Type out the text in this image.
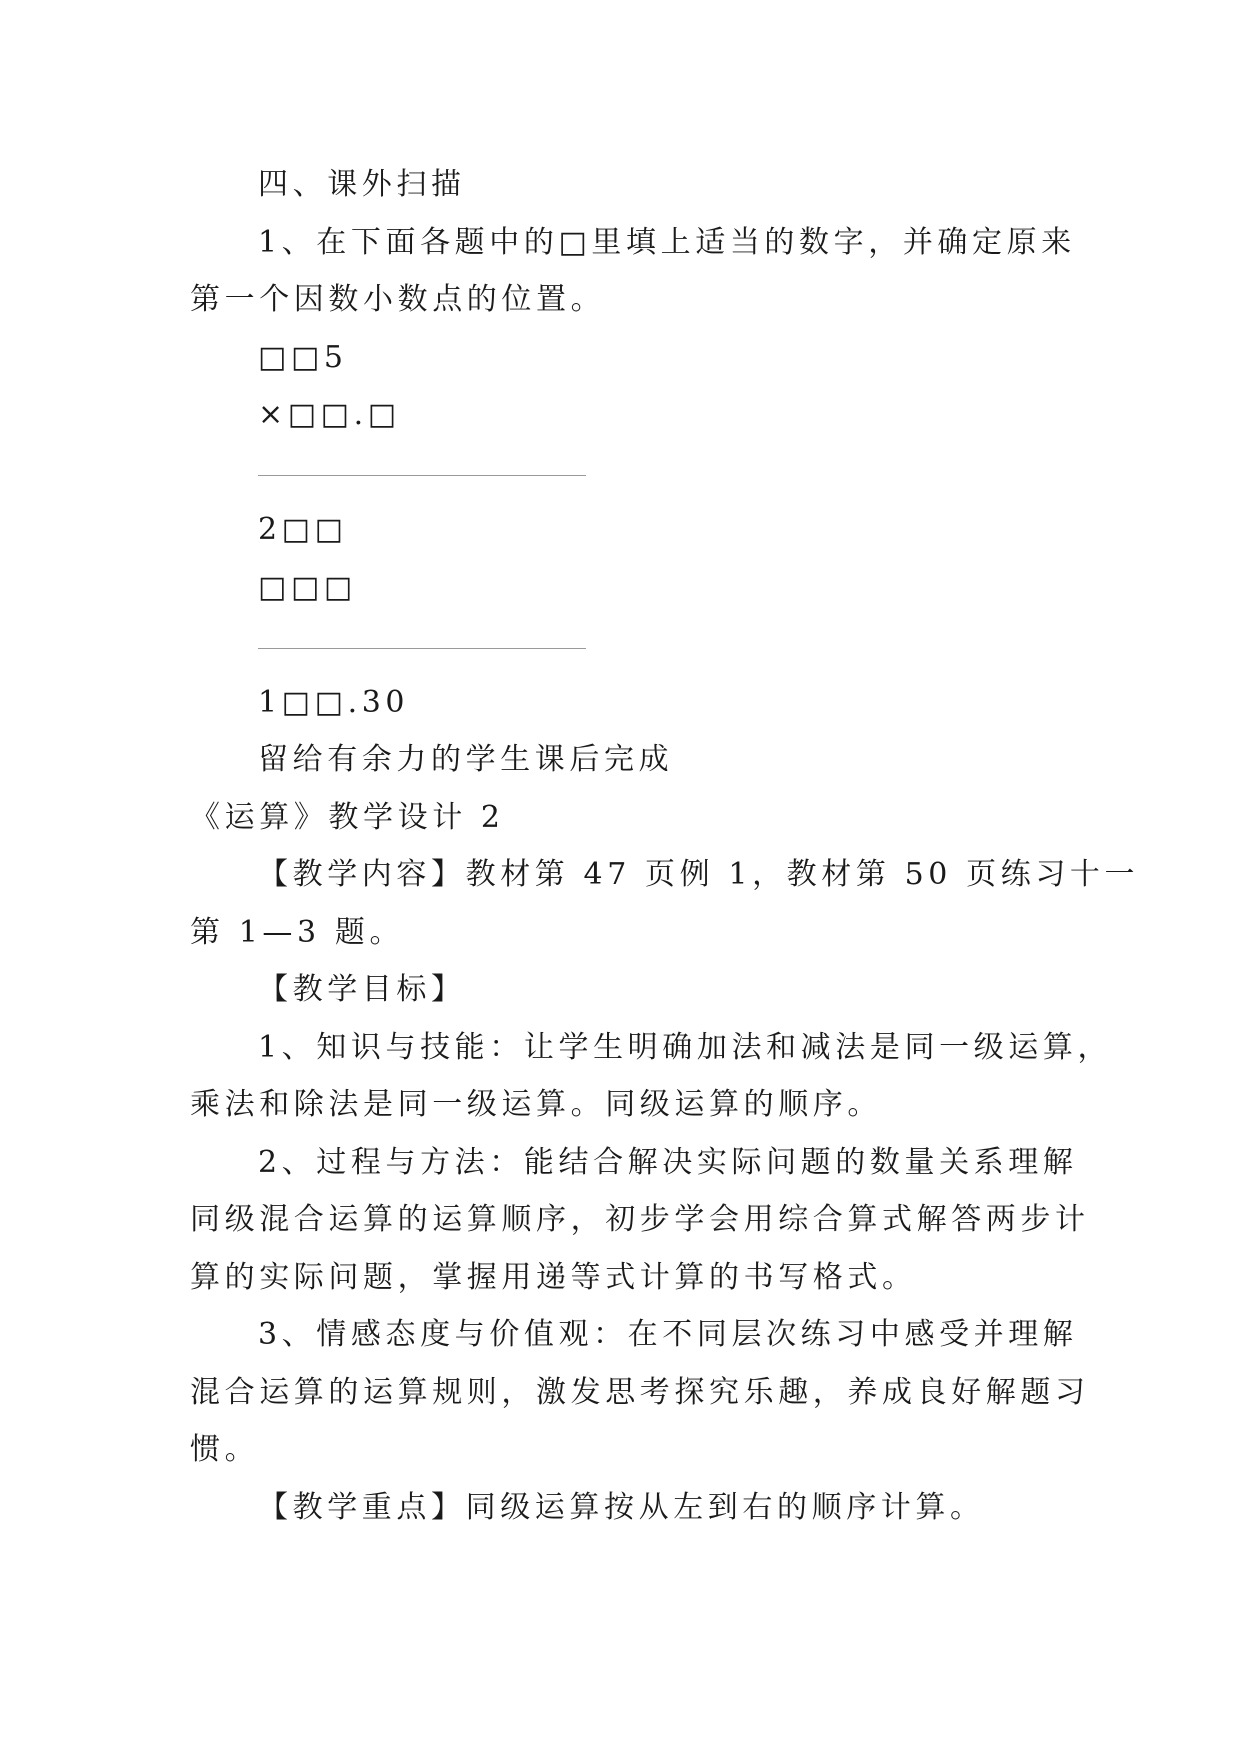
四、课外扫描
1、在下面各题中的□里填上适当的数字，并确定原来
第一个因数小数点的位置。
□□5
×□□.□
2□□
□□□
1□□.30
留给有余力的学生课后完成
《运算》教学设计 2
【教学内容】教材第 47 页例 1，教材第 50 页练习十一
第 1—3 题。
【教学目标】
1、知识与技能：让学生明确加法和减法是同一级运算，
乘法和除法是同一级运算。同级运算的顺序。
2、过程与方法：能结合解决实际问题的数量关系理解
同级混合运算的运算顺序，初步学会用综合算式解答两步计
算的实际问题，掌握用递等式计算的书写格式。
3、情感态度与价值观：在不同层次练习中感受并理解
混合运算的运算规则，激发思考探究乐趣，养成良好解题习
惯。
【教学重点】同级运算按从左到右的顺序计算。
